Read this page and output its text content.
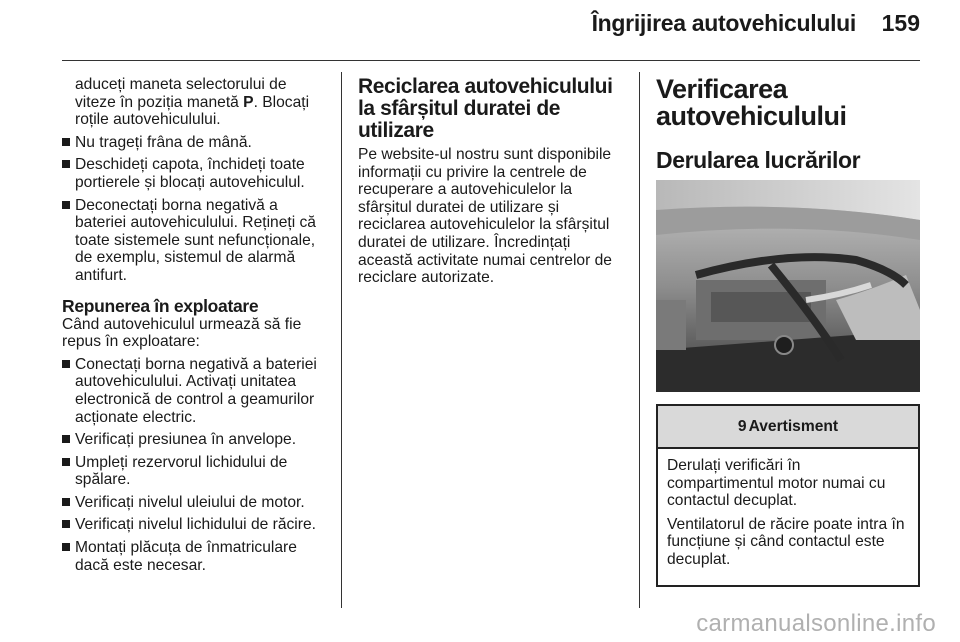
Îngrijirea autovehiculului 159

aduceți maneta selectorului de viteze în poziția manetă P. Blocați roțile autovehiculului.

Nu trageți frâna de mână.
Deschideți capota, închideți toate portierele și blocați autovehiculul.
Deconectați borna negativă a bateriei autovehiculului. Rețineți că toate sistemele sunt nefuncționale, de exemplu, sistemul de alarmă antifurt.
Repunerea în exploatare

Când autovehiculul urmează să fie repus în exploatare:

Conectați borna negativă a bateriei autovehiculului. Activați unitatea electronică de control a geamurilor acționate electric.
Verificați presiunea în anvelope.
Umpleți rezervorul lichidului de spălare.
Verificați nivelul uleiului de motor.
Verificați nivelul lichidului de răcire.
Montați plăcuța de înmatriculare dacă este necesar.
Reciclarea autovehiculului la sfârșitul duratei de utilizare

Pe website-ul nostru sunt disponibile informații cu privire la centrele de recuperare a autovehiculelor la sfârșitul duratei de utilizare și reciclarea autovehiculelor la sfârșitul duratei de utilizare. Încredințați această activitate numai centrelor de reciclare autorizate.

Verificarea autovehiculului
Derularea lucrărilor
9 Avertisment

Derulați verificări în compartimentul motor numai cu contactul decuplat.

Ventilatorul de răcire poate intra în funcțiune și când contactul este decuplat.

carmanualsonline.info
